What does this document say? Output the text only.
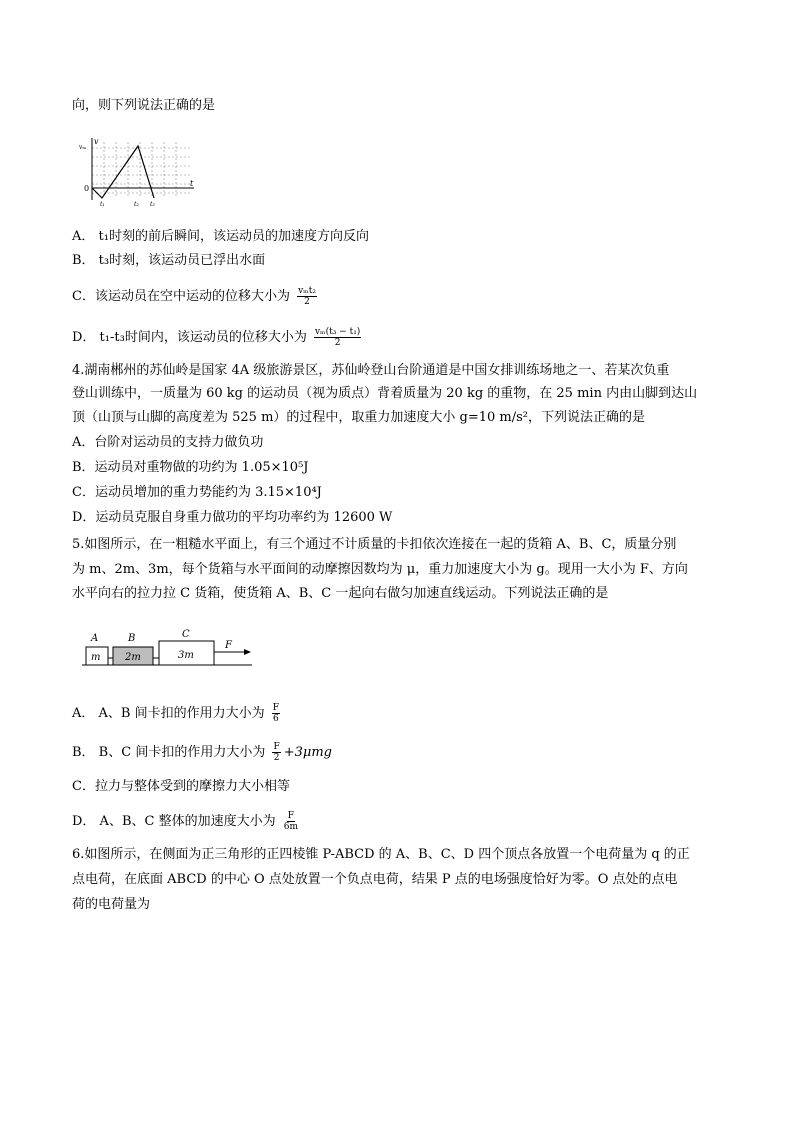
向，则下列说法正确的是
v
t
vₘ
0
t₁	t₂ t₃
A． t₁时刻的前后瞬间，该运动员的加速度方向反向
B． t₃时刻，该运动员已浮出水面
C．该运动员在空中运动的位移大小为 $\frac{\text{vₘt₂}}{2}$
D． t₁-t₃时间内，该运动员的位移大小为 $\frac{\text{vₘ(t₃ − t₁)}}{2}$
4.湖南郴州的苏仙岭是国家 4A 级旅游景区，苏仙岭登山台阶通道是中国女排训练场地之一、若某次负重
登山训练中，一质量为 60 kg 的运动员（视为质点）背着质量为 20 kg 的重物，在 25 min 内由山脚到达山
顶（山顶与山脚的高度差为 525 m）的过程中，取重力加速度大小 g=10 m/s²，下列说法正确的是
A．台阶对运动员的支持力做负功
B．运动员对重物做的功约为 1.05×10⁵J
C．运动员增加的重力势能约为 3.15×10⁴J
D．运动员克服自身重力做功的平均功率约为 12600 W
5.如图所示，在一粗糙水平面上，有三个通过不计质量的卡扣依次连接在一起的货箱 A、B、C，质量分别
为 m、2m、3m，每个货箱与水平面间的动摩擦因数均为 μ，重力加速度大小为 g。现用一大小为 F、方向
水平向右的拉力拉 C 货箱，使货箱 A、B、C 一起向右做匀加速直线运动。下列说法正确的是
A	B	C
m 2m	3m
F
A． A、B 间卡扣的作用力大小为 $\frac{F}{6}$
B． B、C 间卡扣的作用力大小为 $\frac{F}{2} +3\mu mg$
C．拉力与整体受到的摩擦力大小相等
D． A、B、C 整体的加速度大小为 $\frac{F}{6m}$
6.如图所示，在侧面为正三角形的正四棱锥 P-ABCD 的 A、B、C、D 四个顶点各放置一个电荷量为 q 的正
点电荷，在底面 ABCD 的中心 O 点处放置一个负点电荷，结果 P 点的电场强度恰好为零。O 点处的点电
荷的电荷量为
